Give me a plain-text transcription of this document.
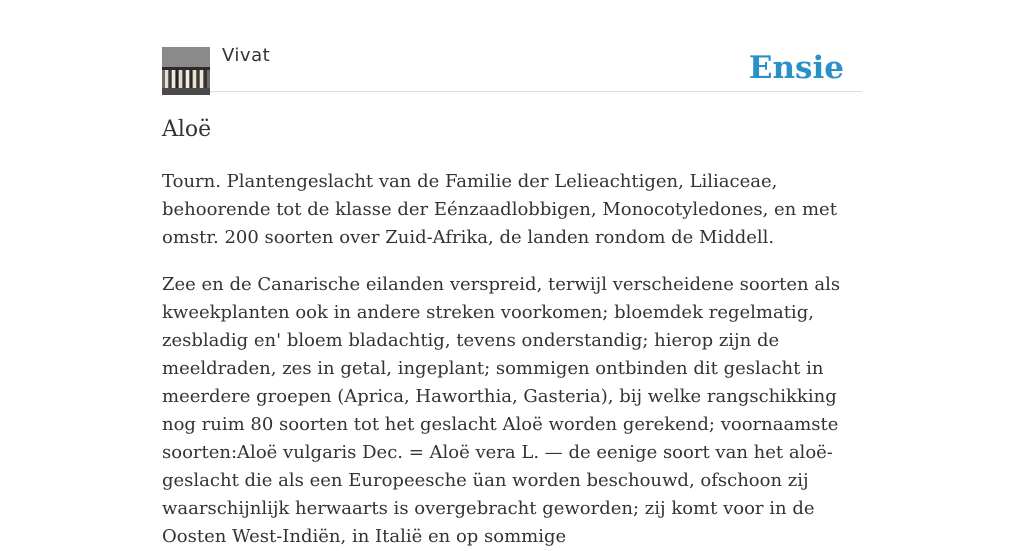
Vivat	Ensie
Aloë

Tourn. Plantengeslacht van de Familie der Lelieachtigen, Liliaceae, behoorende tot de klasse der Eénzaadlobbigen, Monocotyledones, en met omstr. 200 soorten over Zuid-Afrika, de landen rondom de Middell.

Zee en de Canarische eilanden verspreid, terwijl verscheidene soorten als kweekplanten ook in andere streken voorkomen; bloemdek regelmatig, zesbladig en' bloem bladachtig, tevens onderstandig; hierop zijn de meeldraden, zes in getal, ingeplant; sommigen ontbinden dit geslacht in meerdere groepen (Aprica, Haworthia, Gasteria), bij welke rangschikking nog ruim 80 soorten tot het geslacht Aloë worden gerekend; voornaamste soorten:Aloë vulgaris Dec. = Aloë vera L. — de eenige soort van het aloë-geslacht die als een Europeesche üan worden beschouwd, ofschoon zij waarschijnlijk herwaarts is overgebracht geworden; zij komt voor in de Oosten West-Indiën, in Italië en op sommige
